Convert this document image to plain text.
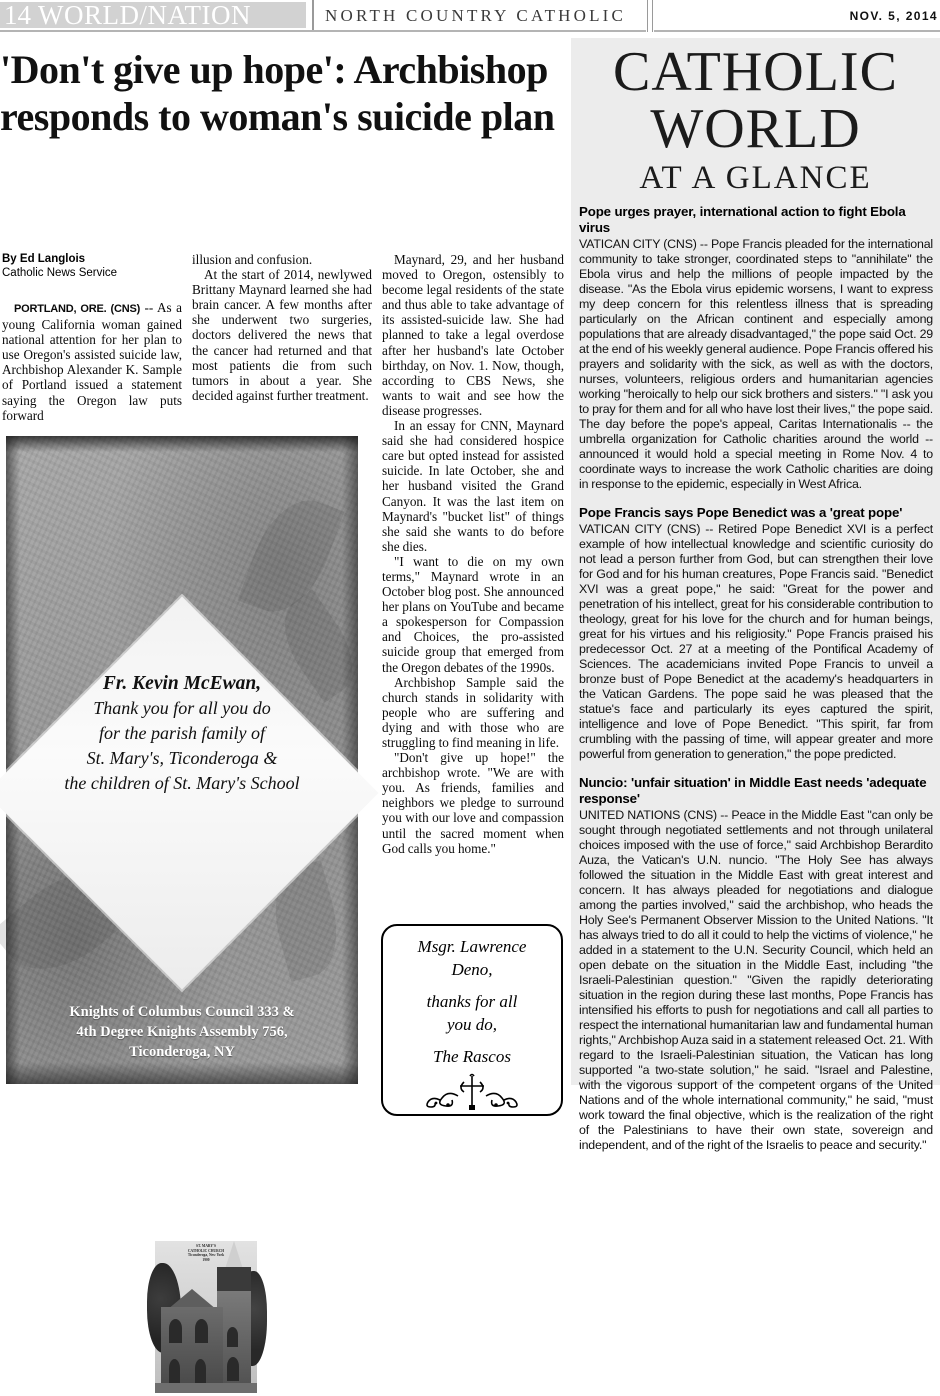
14 WORLD/NATION	NORTH COUNTRY CATHOLIC	NOV. 5, 2014
'Don't give up hope': Archbishop responds to woman's suicide plan
By Ed Langlois
Catholic News Service

PORTLAND, ORE. (CNS) -- As a young California woman gained national attention for her plan to use Oregon's assisted suicide law, Archbishop Alexander K. Sample of Portland issued a statement saying the Oregon law puts forward

illusion and confusion.

At the start of 2014, newlywed Brittany Maynard learned she had brain cancer. A few months after she underwent two surgeries, doctors delivered the news that the cancer had returned and that most patients die from such tumors in about a year. She decided against further treatment.

Maynard, 29, and her husband moved to Oregon, ostensibly to become legal residents of the state and thus able to take advantage of its assisted-suicide law. She had planned to take a legal overdose after her husband's late October birthday, on Nov. 1. Now, though, according to CBS News, she wants to wait and see how the disease progresses.

In an essay for CNN, Maynard said she had considered hospice care but opted instead for assisted suicide. In late October, she and her husband visited the Grand Canyon. It was the last item on Maynard's "bucket list" of things she said she wants to do before she dies.

"I want to die on my own terms," Maynard wrote in an October blog post. She announced her plans on YouTube and became a spokesperson for Compassion and Choices, the pro-assisted suicide group that emerged from the Oregon debates of the 1990s.

Archbishop Sample said the church stands in solidarity with people who are suffering and dying and with those who are struggling to find meaning in life.

"Don't give up hope!" the archbishop wrote. "We are with you. As friends, families and neighbors we pledge to surround you with our love and compassion until the sacred moment when God calls you home."

Fr. Kevin McEwan,
Thank you for all you do
for the parish family of
St. Mary's, Ticonderoga &
the children of St. Mary's School
ST. MARY'S
CATHOLIC CHURCH
Ticonderoga, New York
1900
Knights of Columbus Council 333 &
4th Degree Knights Assembly 756,
Ticonderoga, NY
Msgr. Lawrence
Deno,
thanks for all
you do,
The Rascos
CATHOLIC
WORLD
AT A GLANCE
Pope urges prayer, international action to fight Ebola virus
VATICAN CITY (CNS) -- Pope Francis pleaded for the international community to take stronger, coordinated steps to "annihilate" the Ebola virus and help the millions of people impacted by the disease. "As the Ebola virus epidemic worsens, I want to express my deep concern for this relentless illness that is spreading particularly on the African continent and especially among populations that are already disadvantaged," the pope said Oct. 29 at the end of his weekly general audience. Pope Francis offered his prayers and solidarity with the sick, as well as with the doctors, nurses, volunteers, religious orders and humanitarian agencies working "heroically to help our sick brothers and sisters." "I ask you to pray for them and for all who have lost their lives," the pope said. The day before the pope's appeal, Caritas Internationalis -- the umbrella organization for Catholic charities around the world -- announced it would hold a special meeting in Rome Nov. 4 to coordinate ways to increase the work Catholic charities are doing in response to the epidemic, especially in West Africa.
Pope Francis says Pope Benedict was a 'great pope'
VATICAN CITY (CNS) -- Retired Pope Benedict XVI is a perfect example of how intellectual knowledge and scientific curiosity do not lead a person further from God, but can strengthen their love for God and for his human creatures, Pope Francis said. "Benedict XVI was a great pope," he said: "Great for the power and penetration of his intellect, great for his considerable contribution to theology, great for his love for the church and for human beings, great for his virtues and his religiosity." Pope Francis praised his predecessor Oct. 27 at a meeting of the Pontifical Academy of Sciences. The academicians invited Pope Francis to unveil a bronze bust of Pope Benedict at the academy's headquarters in the Vatican Gardens. The pope said he was pleased that the statue's face and particularly its eyes captured the spirit, intelligence and love of Pope Benedict. "This spirit, far from crumbling with the passing of time, will appear greater and more powerful from generation to generation," the pope predicted.
Nuncio: 'unfair situation' in Middle East needs 'adequate response'
UNITED NATIONS (CNS) -- Peace in the Middle East "can only be sought through negotiated settlements and not through unilateral choices imposed with the use of force," said Archbishop Berardito Auza, the Vatican's U.N. nuncio. "The Holy See has always followed the situation in the Middle East with great interest and concern. It has always pleaded for negotiations and dialogue among the parties involved," said the archbishop, who heads the Holy See's Permanent Observer Mission to the United Nations. "It has always tried to do all it could to help the victims of violence," he added in a statement to the U.N. Security Council, which held an open debate on the situation in the Middle East, including "the Israeli-Palestinian question." "Given the rapidly deteriorating situation in the region during these last months, Pope Francis has intensified his efforts to push for negotiations and call all parties to respect the international humanitarian law and fundamental human rights," Archbishop Auza said in a statement released Oct. 21. With regard to the Israeli-Palestinian situation, the Vatican has long supported "a two-state solution," he said. "Israel and Palestine, with the vigorous support of the competent organs of the United Nations and of the whole international community," he said, "must work toward the final objective, which is the realization of the right of the Palestinians to have their own state, sovereign and independent, and of the right of the Israelis to peace and security."
